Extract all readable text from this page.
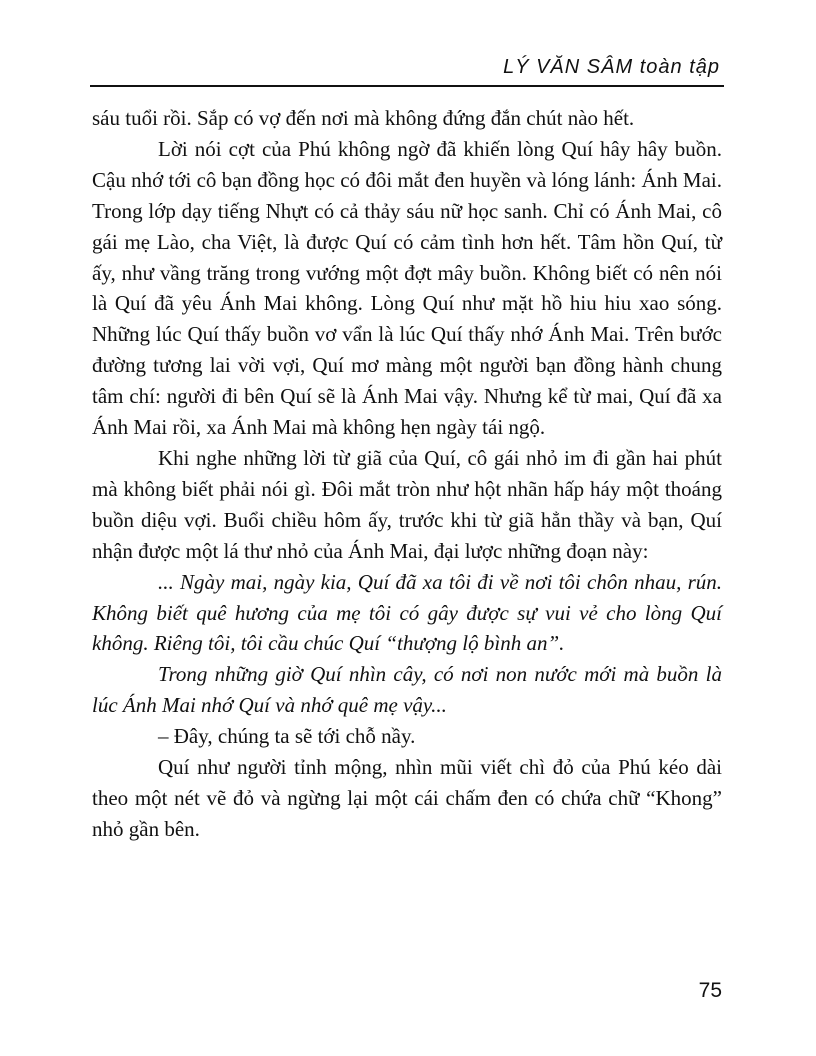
LÝ VĂN SÂM toàn tập

sáu tuổi rồi. Sắp có vợ đến nơi mà không đứng đắn chút nào hết.

Lời nói cợt của Phú không ngờ đã khiến lòng Quí hây hây buồn. Cậu nhớ tới cô bạn đồng học có đôi mắt đen huyền và lóng lánh: Ánh Mai. Trong lớp dạy tiếng Nhựt có cả thảy sáu nữ học sanh. Chỉ có Ánh Mai, cô gái mẹ Lào, cha Việt, là được Quí có cảm tình hơn hết. Tâm hồn Quí, từ ấy, như vầng trăng trong vướng một đợt mây buồn. Không biết có nên nói là Quí đã yêu Ánh Mai không. Lòng Quí như mặt hồ hiu hiu xao sóng. Những lúc Quí thấy buồn vơ vẩn là lúc Quí thấy nhớ Ánh Mai. Trên bước đường tương lai vời vợi, Quí mơ màng một người bạn đồng hành chung tâm chí: người đi bên Quí sẽ là Ánh Mai vậy. Nhưng kể từ mai, Quí đã xa Ánh Mai rồi, xa Ánh Mai mà không hẹn ngày tái ngộ.

Khi nghe những lời từ giã của Quí, cô gái nhỏ im đi gần hai phút mà không biết phải nói gì. Đôi mắt tròn như hột nhãn hấp háy một thoáng buồn diệu vợi. Buổi chiều hôm ấy, trước khi từ giã hẳn thầy và bạn, Quí nhận được một lá thư nhỏ của Ánh Mai, đại lược những đoạn này:

... Ngày mai, ngày kia, Quí đã xa tôi đi về nơi tôi chôn nhau, rún. Không biết quê hương của mẹ tôi có gây được sự vui vẻ cho lòng Quí không. Riêng tôi, tôi cầu chúc Quí “thượng lộ bình an”.

Trong những giờ Quí nhìn cây, có nơi non nước mới mà buồn là lúc Ánh Mai nhớ Quí và nhớ quê mẹ vậy...

– Đây, chúng ta sẽ tới chỗ nầy.

Quí như người tỉnh mộng, nhìn mũi viết chì đỏ của Phú kéo dài theo một nét vẽ đỏ và ngừng lại một cái chấm đen có chứa chữ “Khong” nhỏ gần bên.

75
